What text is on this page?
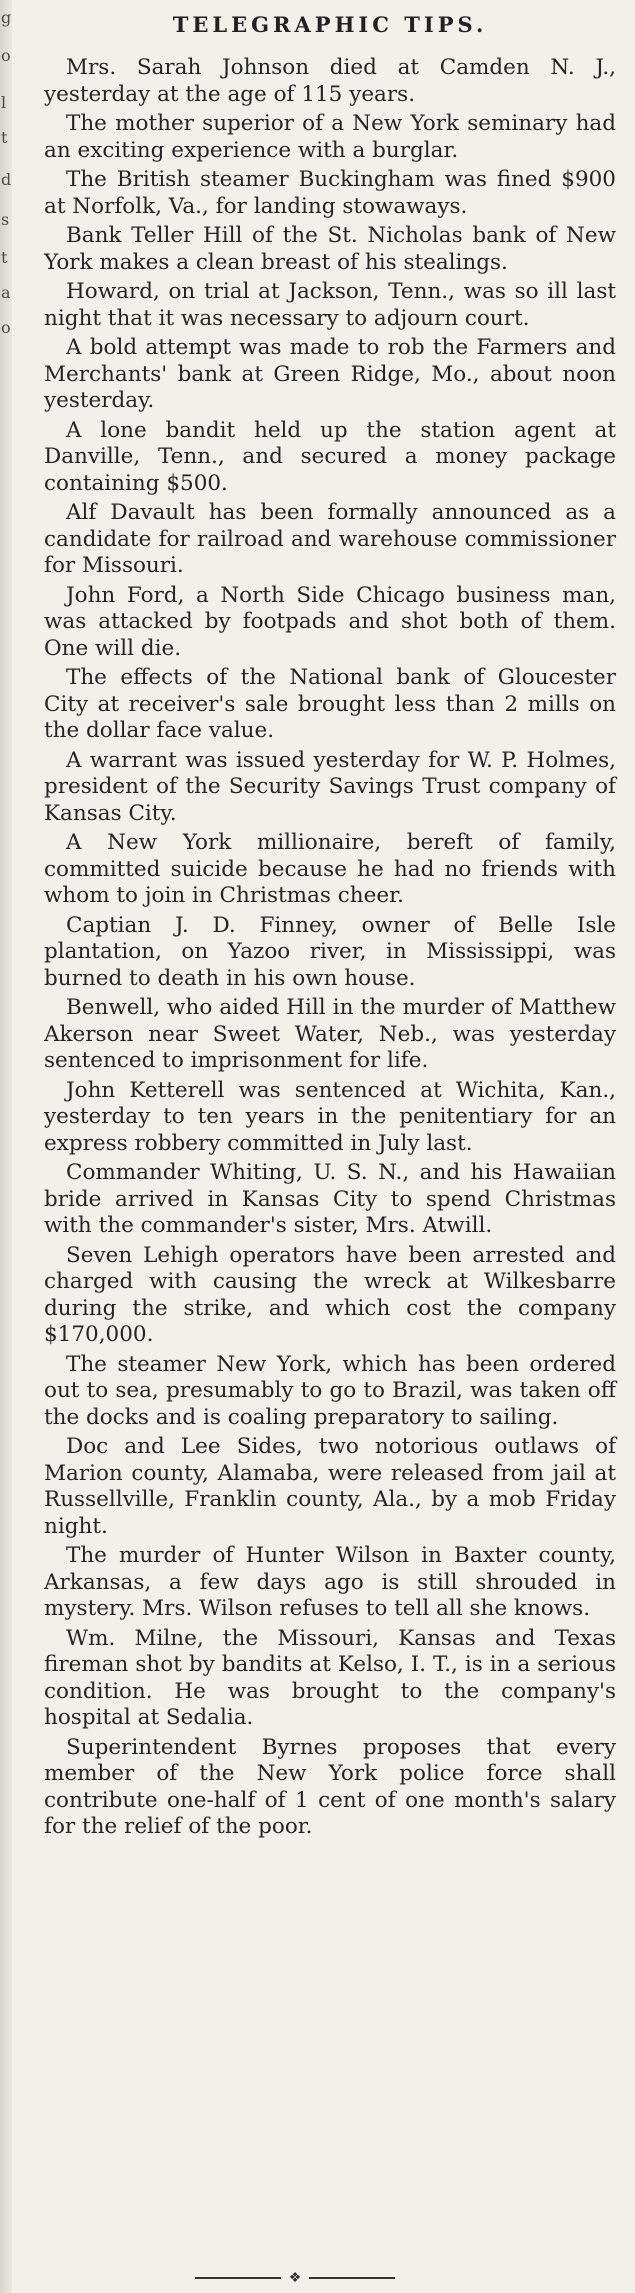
g
o
l
t
d
s
t
a
o
TELEGRAPHIC TIPS.

Mrs. Sarah Johnson died at Camden N. J., yesterday at the age of 115 years.

The mother superior of a New York seminary had an exciting experience with a burglar.

The British steamer Buckingham was fined $900 at Norfolk, Va., for landing stowaways.

Bank Teller Hill of the St. Nicholas bank of New York makes a clean breast of his stealings.

Howard, on trial at Jackson, Tenn., was so ill last night that it was necessary to adjourn court.

A bold attempt was made to rob the Farmers and Merchants' bank at Green Ridge, Mo., about noon yesterday.

A lone bandit held up the station agent at Danville, Tenn., and secured a money package containing $500.

Alf Davault has been formally announced as a candidate for railroad and warehouse commissioner for Missouri.

John Ford, a North Side Chicago business man, was attacked by footpads and shot both of them. One will die.

The effects of the National bank of Gloucester City at receiver's sale brought less than 2 mills on the dollar face value.

A warrant was issued yesterday for W. P. Holmes, president of the Security Savings Trust company of Kansas City.

A New York millionaire, bereft of family, committed suicide because he had no friends with whom to join in Christmas cheer.

Captian J. D. Finney, owner of Belle Isle plantation, on Yazoo river, in Mississippi, was burned to death in his own house.

Benwell, who aided Hill in the murder of Matthew Akerson near Sweet Water, Neb., was yesterday sentenced to imprisonment for life.

John Ketterell was sentenced at Wichita, Kan., yesterday to ten years in the penitentiary for an express robbery committed in July last.

Commander Whiting, U. S. N., and his Hawaiian bride arrived in Kansas City to spend Christmas with the commander's sister, Mrs. Atwill.

Seven Lehigh operators have been arrested and charged with causing the wreck at Wilkesbarre during the strike, and which cost the company $170,000.

The steamer New York, which has been ordered out to sea, presumably to go to Brazil, was taken off the docks and is coaling preparatory to sailing.

Doc and Lee Sides, two notorious outlaws of Marion county, Alamaba, were released from jail at Russellville, Franklin county, Ala., by a mob Friday night.

The murder of Hunter Wilson in Baxter county, Arkansas, a few days ago is still shrouded in mystery. Mrs. Wilson refuses to tell all she knows.

Wm. Milne, the Missouri, Kansas and Texas fireman shot by bandits at Kelso, I. T., is in a serious condition. He was brought to the company's hospital at Sedalia.

Superintendent Byrnes proposes that every member of the New York police force shall contribute one-half of 1 cent of one month's salary for the relief of the poor.

❖
